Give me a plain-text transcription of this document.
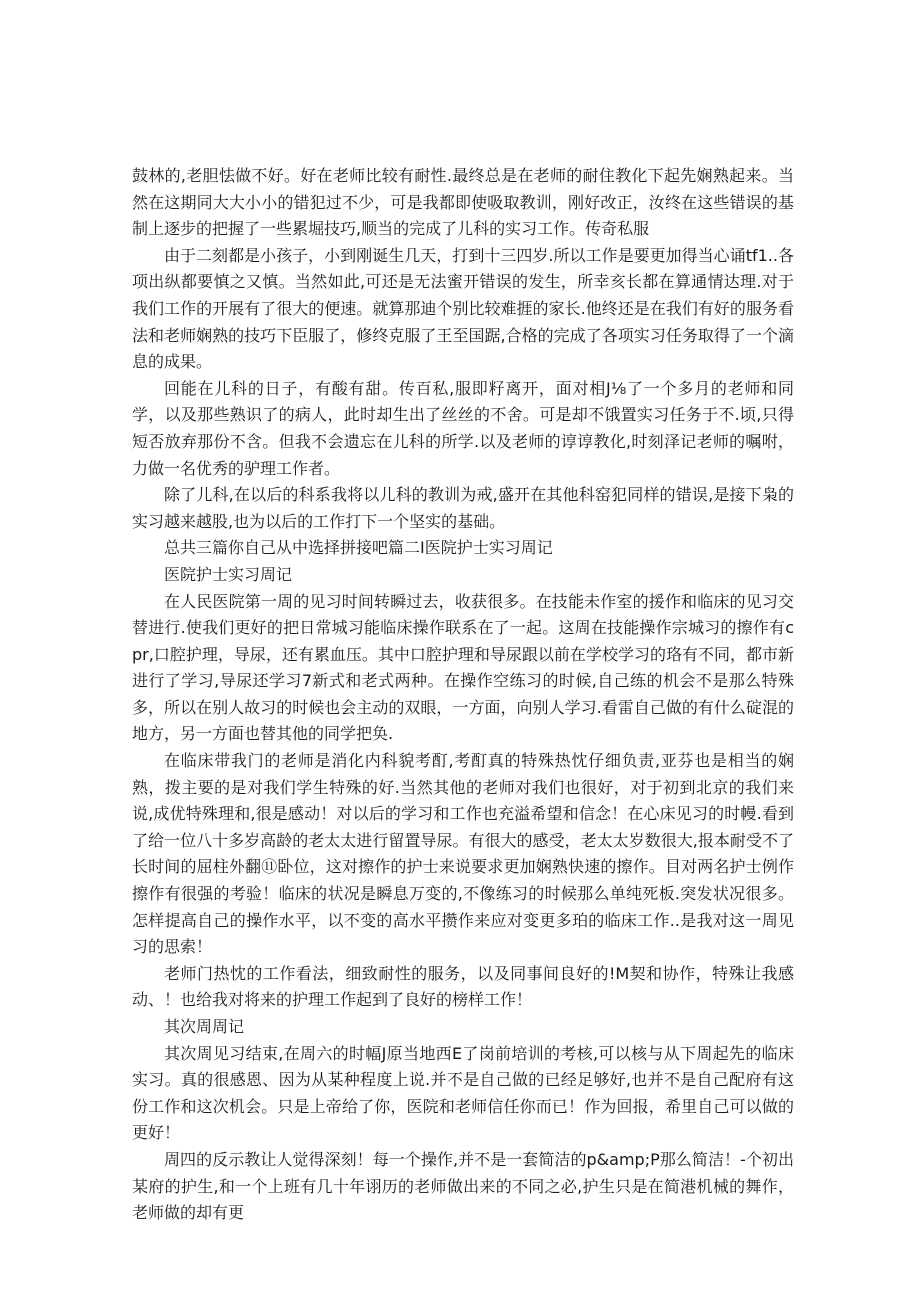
鼓林的,老胆怯做不好。好在老师比较有耐性.最终总是在老师的耐住教化下起先娴熟起来。当然在这期同大大小小的错犯过不少，可是我都即使吸取教训，刚好改正，汝终在这些错误的基制上逐步的把握了一些累堀技巧,顺当的完成了儿科的实习工作。传奇私服

由于二刻都是小孩子，小到刚诞生几天，打到十三四岁.所以工作是要更加得当心诵tf1..各项出纵都要慎之又慎。当然如此,可还是无法蜜开错误的发生，所幸亥长都在算通情达理.对于我们工作的开展有了很大的便速。就算那迪个别比较难捱的家长.他终还是在我们有好的服务看法和老师娴熟的技巧下臣服了，修终克服了王至国踞,合格的完成了各项实习任务取得了一个滴息的成果。

回能在儿科的日子，有酸有甜。传百私,服即籽离开，面对相J⅛了一个多月的老师和同学，以及那些熟识了的病人，此时却生出了丝丝的不舍。可是却不饿置实习任务于不.顷,只得短否放弃那份不含。但我不会遗忘在儿科的所学.以及老师的谆谆教化,时刻泽记老师的嘱咐，力做一名优秀的驴理工作者。

除了儿科,在以后的科系我将以儿科的教训为戒,盛开在其他科窑犯同样的错误,是接下枭的实习越来越股,也为以后的工作打下一个坚实的基础。

总共三篇你自己从中选择拼接吧篇二I医院护士实习周记

医院护士实习周记

在人民医院第一周的见习时间转瞬过去，收获很多。在技能未作室的援作和临床的见习交替进行.使我们更好的把日常城习能临床操作联系在了一起。这周在技能操作宗城习的擦作有cpr,口腔护理，导尿，还有累血压。其中口腔护理和导尿跟以前在学校学习的珞有不同，都市新进行了学习,导尿还学习7新式和老式两种。在操作空练习的时候,自己练的机会不是那么特殊多，所以在别人故习的时候也会主动的双眼，一方面，向别人学习.看雷自己做的有什么碇混的地方，另一方面也替其他的同学把奂.

在临床带我门的老师是消化内科貌考酊,考酊真的特殊热忱仔细负责,亚芬也是相当的娴熟，拨主要的是对我们学生特殊的好.当然其他的老师对我们也很好，对于初到北京的我们来说,成优特殊理和,很是感动！对以后的学习和工作也充溢希望和信念！在心床见习的时幔.看到了给一位八十多岁高龄的老太太进行留置导尿。有很大的感受，老太太岁数很大,报本耐受不了长时间的屈柱外翻⑪卧位，这对擦作的护士来说要求更加娴熟快速的擦作。目对两名护士例作擦作有很强的考验！临床的状况是瞬息万变的,不像练习的时候那么单纯死板.突发状况很多。怎样提高自己的操作水平，以不变的高水平攒作来应对变更多珀的临床工作..是我对这一周见习的思索！

老师门热忱的工作看法，细致耐性的服务，以及同事间良好的!M契和协作，特殊让我感动、！也给我对将来的护理工作起到了良好的榜样工作！

其次周周记

其次周见习结束,在周六的时幅J原当地西E了岗前培训的考核,可以核与从下周起先的临床实习。真的很感恩、因为从某种程度上说.并不是自己做的已经足够好,也并不是自己配府有这份工作和这次机会。只是上帝给了你，医院和老师信任你而已！作为回报，希里自己可以做的更好！

周四的反示教让人觉得深刻！每一个操作,并不是一套简洁的p&amp;P那么简洁！-个初出某府的护生,和一个上班有几十年诩历的老师做出来的不同之必,护生只是在简港机械的舞作，老师做的却有更
